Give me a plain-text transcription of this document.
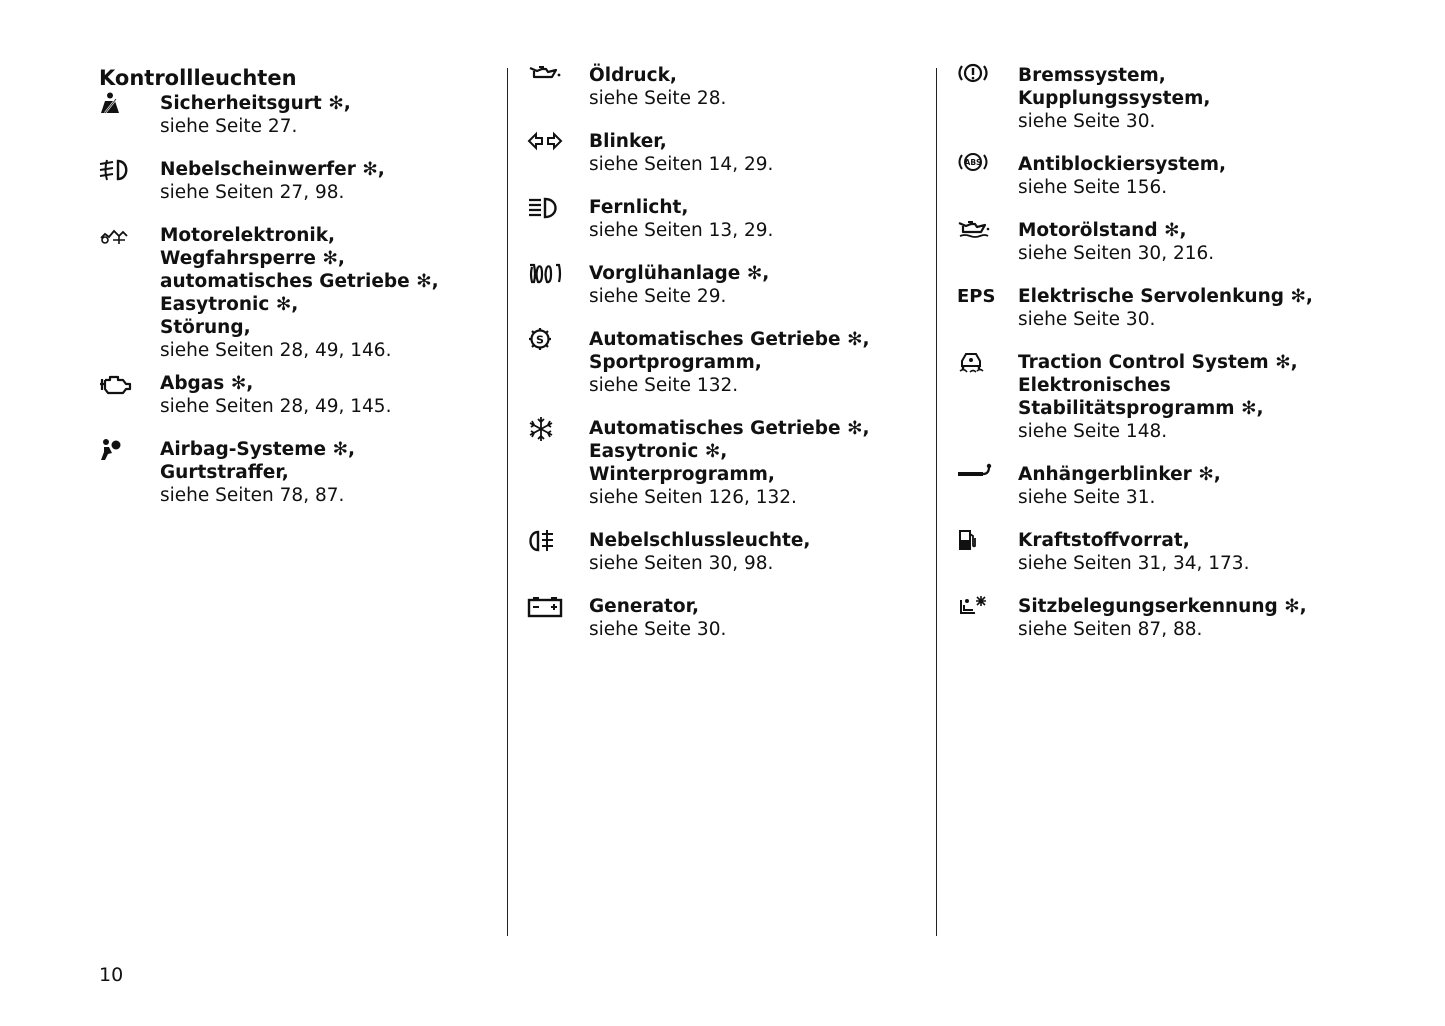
Kontrollleuchten
Sicherheitsgurt ✻,
siehe Seite 27.
Nebelscheinwerfer ✻,
siehe Seiten 27, 98.
Motorelektronik,
Wegfahrsperre ✻,
automatisches Getriebe ✻,
Easytronic ✻,
Störung,
siehe Seiten 28, 49, 146.
Abgas ✻,
siehe Seiten 28, 49, 145.
Airbag-Systeme ✻,
Gurtstraffer,
siehe Seiten 78, 87.
Öldruck,
siehe Seite 28.
Blinker,
siehe Seiten 14, 29.
Fernlicht,
siehe Seiten 13, 29.
Vorglühanlage ✻,
siehe Seite 29.
S Automatisches Getriebe ✻,
Sportprogramm,
siehe Seite 132.
Automatisches Getriebe ✻,
Easytronic ✻,
Winterprogramm,
siehe Seiten 126, 132.
Nebelschlussleuchte,
siehe Seiten 30, 98.
Generator,
siehe Seite 30.
Bremssystem,
Kupplungssystem,
siehe Seite 30.
ABS Antiblockiersystem,
siehe Seite 156.
Motorölstand ✻,
siehe Seiten 30, 216.
EPS Elektrische Servolenkung ✻,
siehe Seite 30.
Traction Control System ✻,
Elektronisches
Stabilitätsprogramm ✻,
siehe Seite 148.
Anhängerblinker ✻,
siehe Seite 31.
Kraftstoffvorrat,
siehe Seiten 31, 34, 173.
Sitzbelegungserkennung ✻,
siehe Seiten 87, 88.
10
